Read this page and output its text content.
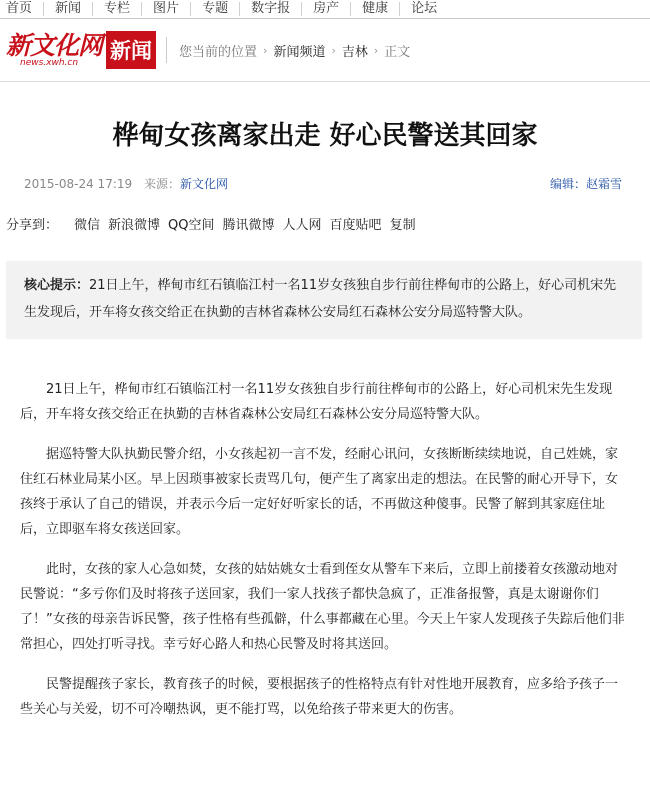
首页	新闻	专栏	图片	专题	数字报	房产	健康	论坛
新文化网
news.xwh.cn	新闻	您当前的位置 › 新闻频道 › 吉林 › 正文
桦甸女孩离家出走 好心民警送其回家
2015-08-24 17:19 来源：新文化网	编辑：赵霜雪
分享到： 微信 新浪微博 QQ空间 腾讯微博 人人网 百度贴吧 复制
核心提示：21日上午，桦甸市红石镇临江村一名11岁女孩独自步行前往桦甸市的公路上，好心司机宋先生发现后，开车将女孩交给正在执勤的吉林省森林公安局红石森林公安分局巡特警大队。

21日上午，桦甸市红石镇临江村一名11岁女孩独自步行前往桦甸市的公路上，好心司机宋先生发现后，开车将女孩交给正在执勤的吉林省森林公安局红石森林公安分局巡特警大队。

据巡特警大队执勤民警介绍，小女孩起初一言不发，经耐心讯问，女孩断断续续地说，自己姓姚，家住红石林业局某小区。早上因琐事被家长责骂几句，便产生了离家出走的想法。在民警的耐心开导下，女孩终于承认了自己的错误，并表示今后一定好好听家长的话，不再做这种傻事。民警了解到其家庭住址后，立即驱车将女孩送回家。

此时，女孩的家人心急如焚，女孩的姑姑姚女士看到侄女从警车下来后，立即上前搂着女孩激动地对民警说：“多亏你们及时将孩子送回家，我们一家人找孩子都快急疯了，正准备报警，真是太谢谢你们了！”女孩的母亲告诉民警，孩子性格有些孤僻，什么事都藏在心里。今天上午家人发现孩子失踪后他们非常担心，四处打听寻找。幸亏好心路人和热心民警及时将其送回。

民警提醒孩子家长，教育孩子的时候，要根据孩子的性格特点有针对性地开展教育，应多给予孩子一些关心与关爱，切不可冷嘲热讽，更不能打骂，以免给孩子带来更大的伤害。
